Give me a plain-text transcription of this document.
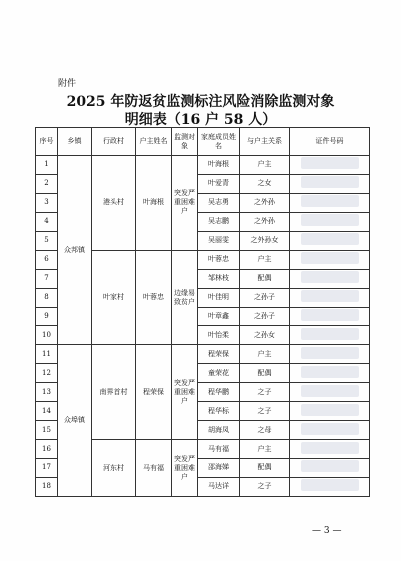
附件
2025 年防返贫监测标注风险消除监测对象
明细表（16 户 58 人）
序号	乡镇	行政村	户主姓名	监测对象	家庭成员姓名	与户主关系	证件号码
1	众邦镇	港头村	叶海根	突发严重困难户	叶海根	户主	
2					叶爱青	之女	
3					吴志勇	之外孙	
4					吴志鹏	之外孙	
5					吴丽雯	之外孙女	
6		叶家村	叶蓉忠	边缘易致贫户	叶蓉忠	户主	
7					邹林枝	配偶	
8					叶佳明	之孙子	
9					叶章鑫	之孙子	
10					叶怡柔	之孙女	
11	众埠镇	南界首村	程荣保	突发严重困难户	程荣保	户主	
12					童荣花	配偶	
13					程华鹏	之子	
14					程华标	之子	
15					胡海凤	之母	
16		河东村	马有福	突发严重困难户	马有福	户主	
17					邵海娣	配偶	
18					马达详	之子	
— 3 —
